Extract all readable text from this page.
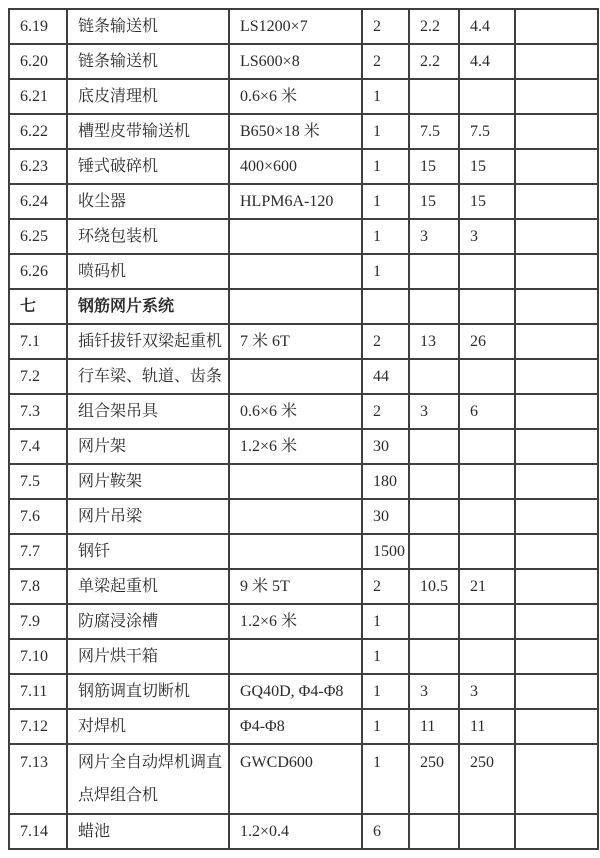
6.19	链条输送机	LS1200×7	2	2.2	4.4	
6.20	链条输送机	LS600×8	2	2.2	4.4	
6.21	底皮清理机	0.6×6 米	1			
6.22	槽型皮带输送机	B650×18 米	1	7.5	7.5	
6.23	锤式破碎机	400×600	1	15	15	
6.24	收尘器	HLPM6A-120	1	15	15	
6.25	环绕包装机		1	3	3	
6.26	喷码机		1			
七	钢筋网片系统					
7.1	插钎拔钎双梁起重机	7 米 6T	2	13	26	
7.2	行车梁、轨道、齿条		44			
7.3	组合架吊具	0.6×6 米	2	3	6	
7.4	网片架	1.2×6 米	30			
7.5	网片鞍架		180			
7.6	网片吊梁		30			
7.7	钢钎		1500			
7.8	单梁起重机	9 米 5T	2	10.5	21	
7.9	防腐浸涂槽	1.2×6 米	1			
7.10	网片烘干箱		1			
7.11	钢筋调直切断机	GQ40D, Φ4-Φ8	1	3	3	
7.12	对焊机	Φ4-Φ8	1	11	11	
7.13	网片全自动焊机调直点焊组合机	GWCD600	1	250	250	
7.14	蜡池	1.2×0.4	6			
